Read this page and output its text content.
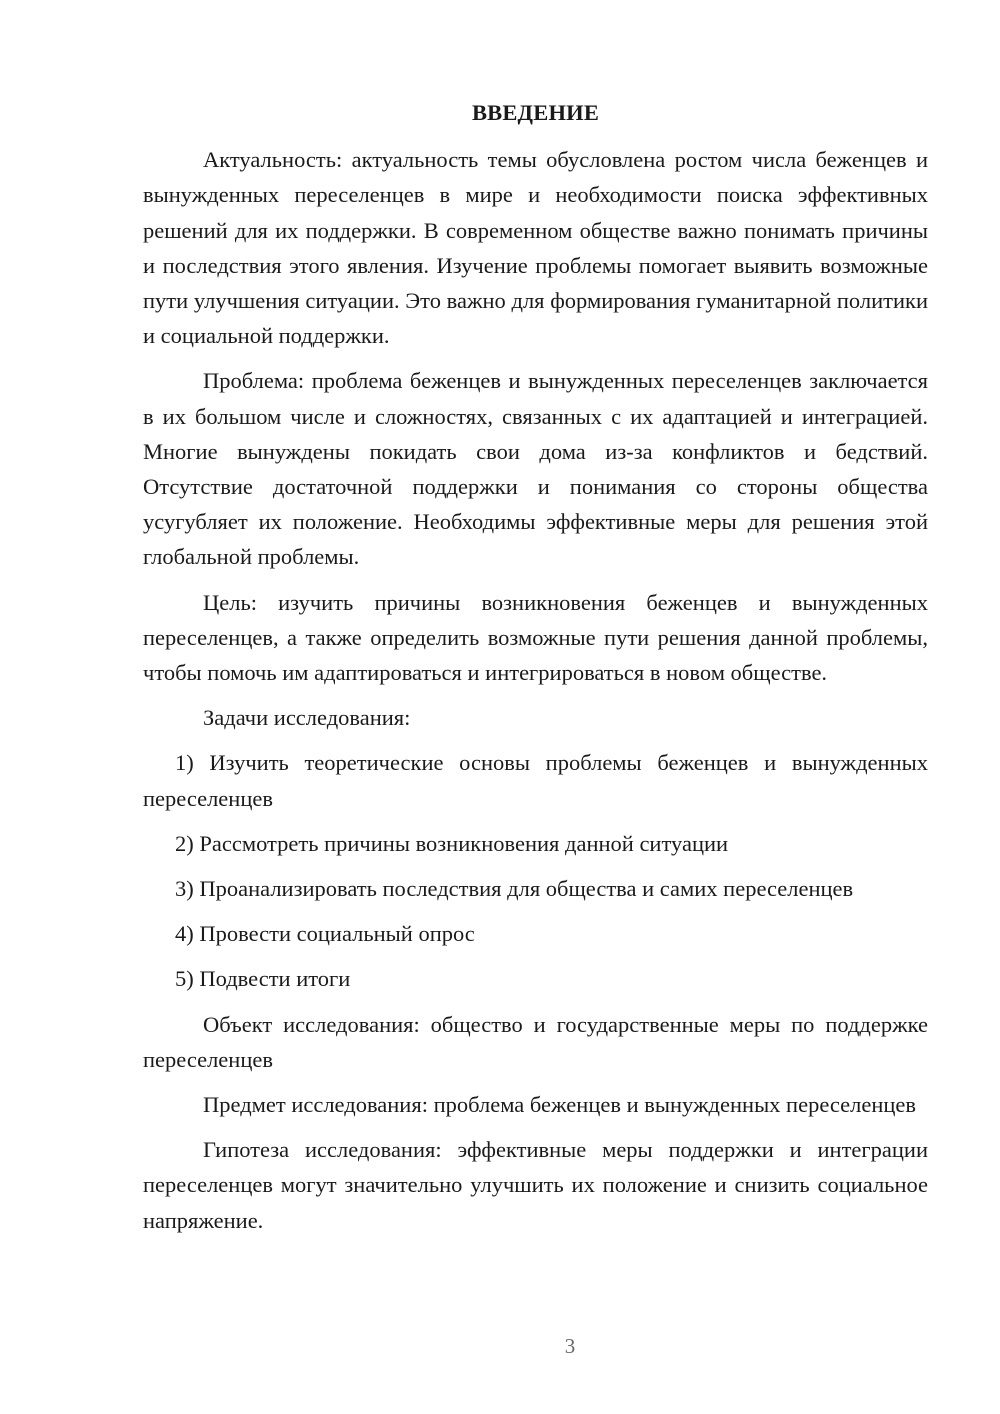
ВВЕДЕНИЕ

Актуальность: актуальность темы обусловлена ростом числа беженцев и вынужденных переселенцев в мире и необходимости поиска эффективных решений для их поддержки. В современном обществе важно понимать причины и последствия этого явления. Изучение проблемы помогает выявить возможные пути улучшения ситуации. Это важно для формирования гуманитарной политики и социальной поддержки.

Проблема: проблема беженцев и вынужденных переселенцев заключается в их большом числе и сложностях, связанных с их адаптацией и интеграцией. Многие вынуждены покидать свои дома из-за конфликтов и бедствий. Отсутствие достаточной поддержки и понимания со стороны общества усугубляет их положение. Необходимы эффективные меры для решения этой глобальной проблемы.

Цель: изучить причины возникновения беженцев и вынужденных переселенцев, а также определить возможные пути решения данной проблемы, чтобы помочь им адаптироваться и интегрироваться в новом обществе.

Задачи исследования:

1) Изучить теоретические основы проблемы беженцев и вынужденных переселенцев

2) Рассмотреть причины возникновения данной ситуации

3) Проанализировать последствия для общества и самих переселенцев

4) Провести социальный опрос

5) Подвести итоги

Объект исследования: общество и государственные меры по поддержке переселенцев

Предмет исследования: проблема беженцев и вынужденных переселенцев

Гипотеза исследования: эффективные меры поддержки и интеграции переселенцев могут значительно улучшить их положение и снизить социальное напряжение.

3
